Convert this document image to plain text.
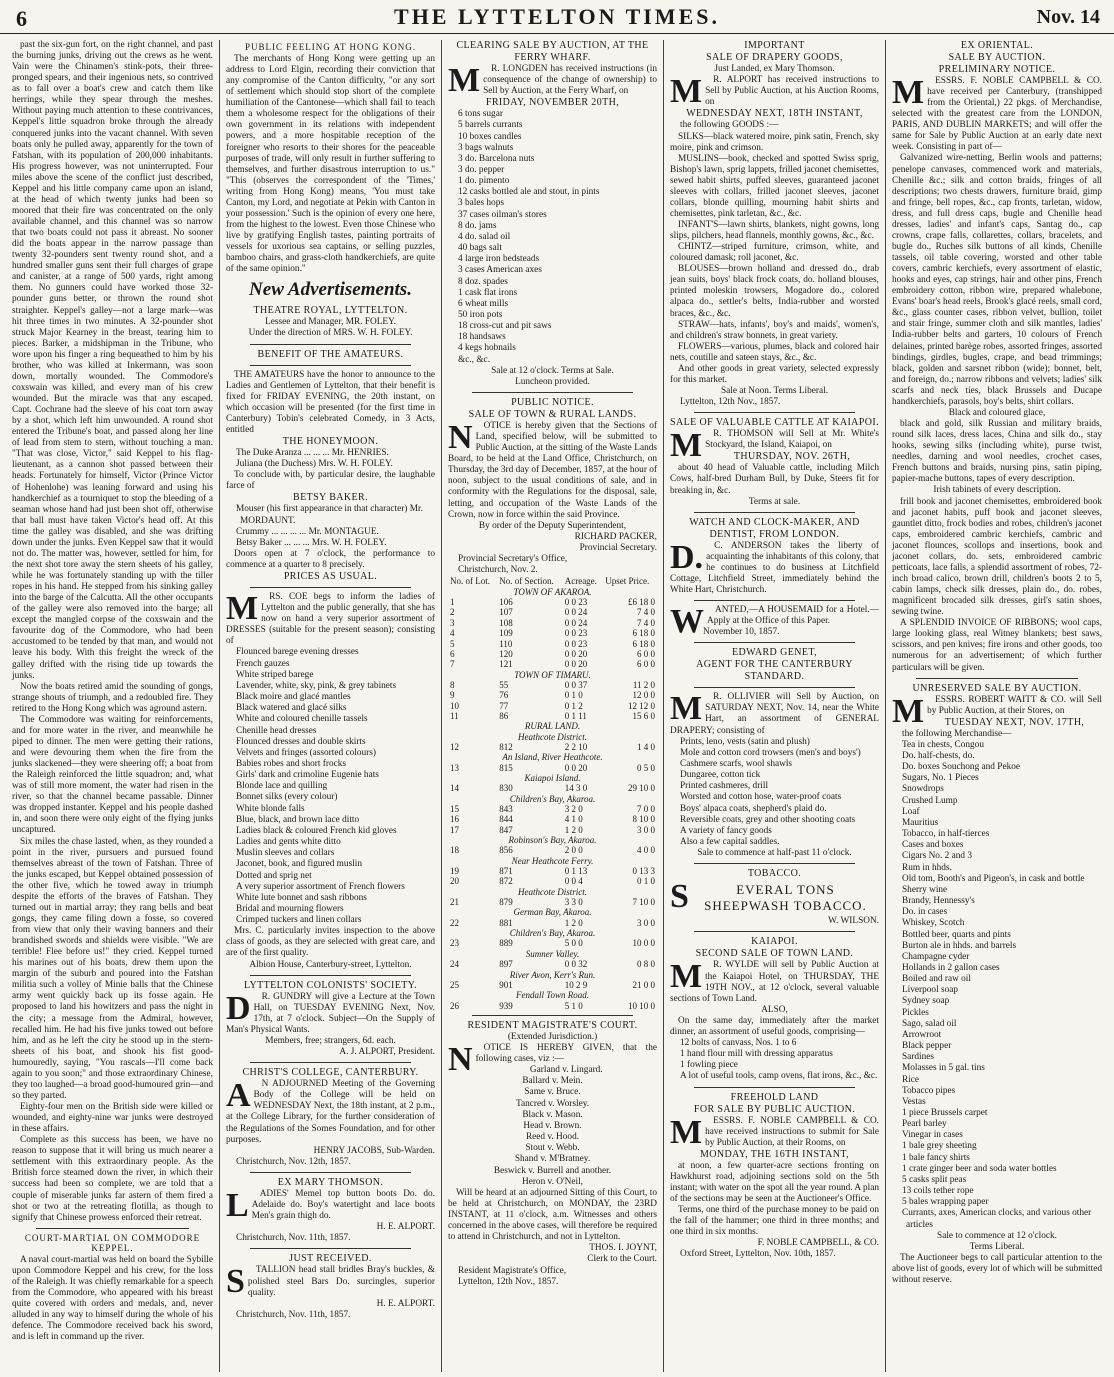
6	THE LYTTELTON TIMES.	Nov. 14

past the six-gun fort, on the right channel, and past the burning junks, driving out the crews as he went. Vain were the Chinamen's stink-pots, their three-pronged spears, and their ingenious nets, so contrived as to fall over a boat's crew and catch them like herrings, while they spear through the meshes. Without paying much attention to these contrivances, Keppel's little squadron broke through the already conquered junks into the vacant channel. With seven boats only he pulled away, apparently for the town of Fatshan, with its population of 200,000 inhabitants. His progress however, was not uninterrupted. Four miles above the scene of the conflict just described, Keppel and his little company came upon an island, at the head of which twenty junks had been so moored that their fire was concentrated on the only available channel, and this channel was so narrow that two boats could not pass it abreast. No sooner did the boats appear in the narrow passage than twenty 32-pounders sent twenty round shot, and a hundred smaller guns sent their full charges of grape and canister, at a range of 500 yards, right among them. No gunners could have worked those 32-pounder guns better, or thrown the round shot straighter. Keppel's galley—not a large mark—was hit three times in two minutes. A 32-pounder shot struck Major Kearney in the breast, tearing him to pieces. Barker, a midshipman in the Tribune, who wore upon his finger a ring bequeathed to him by his brother, who was killed at Inkermann, was soon down, mortally wounded. The Commodore's coxswain was killed, and every man of his crew wounded. But the miracle was that any escaped. Capt. Cochrane had the sleeve of his coat torn away by a shot, which left him unwounded. A round shot entered the Tribune's boat, and passed along her line of lead from stem to stern, without touching a man. "That was close, Victor," said Keppel to his flag-lieutenant, as a cannon shot passed between their heads. Fortunately for himself, Victor (Prince Victor of Hohenlohe) was leaning forward and using his handkerchief as a tourniquet to stop the bleeding of a seaman whose hand had just been shot off, otherwise that ball must have taken Victor's head off. At this time the galley was disabled, and she was drifting down under the junks. Even Keppel saw that it would not do. The matter was, however, settled for him, for the next shot tore away the stern sheets of his galley, while he was fortunately standing up with the tiller ropes in his hand. He stepped from his sinking galley into the barge of the Calcutta. All the other occupants of the galley were also removed into the barge; all except the mangled corpse of the coxswain and the favourite dog of the Commodore, who had been accustomed to be tended by that man, and would not leave his body. With this freight the wreck of the galley drifted with the rising tide up towards the junks.

Now the boats retired amid the sounding of gongs, strange shouts of triumph, and a redoubled fire. They retired to the Hong Kong which was aground astern.

The Commodore was waiting for reinforcements, and for more water in the river, and meanwhile he piped to dinner. The men were getting their rations, and were devouring them when the fire from the junks slackened—they were sheering off; a boat from the Raleigh reinforced the little squadron; and, what was of still more moment, the water had risen in the river, so that the channel became passable. Dinner was dropped instanter. Keppel and his people dashed in, and soon there were only eight of the flying junks uncaptured.

Six miles the chase lasted, when, as they rounded a point in the river, pursuers and pursued found themselves abreast of the town of Fatshan. Three of the junks escaped, but Keppel obtained possession of the other five, which he towed away in triumph despite the efforts of the braves of Fatshan. They turned out in martial array; they rang bells and beat gongs, they came filing down a fosse, so covered from view that only their waving banners and their brandished swords and shields were visible. "We are terrible! Flee before us!" they cried. Keppel turned his marines out of his boats, drew them upon the margin of the suburb and poured into the Fatshan militia such a volley of Minie balls that the Chinese army went quickly back up its fosse again. He proposed to land his howitzers and pass the night in the city; a message from the Admiral, however, recalled him. He had his five junks towed out before him, and as he left the city he stood up in the stern-sheets of his boat, and shook his fist good-humouredly, saying, "You rascals—I'll come back again to you soon;" and those extraordinary Chinese, they too laughed—a broad good-humoured grin—and so they parted.

Eighty-four men on the British side were killed or wounded, and eighty-nine war junks were destroyed in these affairs.

Complete as this success has been, we have no reason to suppose that it will bring us much nearer a settlement with this extraordinary people. As the British force steamed down the river, in which their success had been so complete, we are told that a couple of miserable junks far astern of them fired a shot or two at the retreating flotilla, as though to signify that Chinese prowess enforced their retreat.

COURT-MARTIAL ON COMMODORE KEPPEL.

A naval court-martial was held on board the Sybille upon Commodore Keppel and his crew, for the loss of the Raleigh. It was chiefly remarkable for a speech from the Commodore, who appeared with his breast quite covered with orders and medals, and, never alluded in any way to himself during the whole of his defence. The Commodore received back his sword, and is left in command up the river.

PUBLIC FEELING AT HONG KONG.

The merchants of Hong Kong were getting up an address to Lord Elgin, recording their conviction that any compromise of the Canton difficulty, "or any sort of settlement which should stop short of the complete humiliation of the Cantonese—which shall fail to teach them a wholesome respect for the obligations of their own government in its relations with independent powers, and a more hospitable reception of the foreigner who resorts to their shores for the peaceable purposes of trade, will only result in further suffering to themselves, and further disastrous interruption to us." "This (observes the correspondent of the 'Times,' writing from Hong Kong) means, 'You must take Canton, my Lord, and negotiate at Pekin with Canton in your possession.' Such is the opinion of every one here, from the highest to the lowest. Even those Chinese who live by gratifying English tastes, painting portraits of vessels for uxorious sea captains, or selling puzzles, bamboo chairs, and grass-cloth handkerchiefs, are quite of the same opinion."

New Advertisements.
THEATRE ROYAL, LYTTELTON.
Lessee and Manager, MR. FOLEY.
Under the direction of MRS. W. H. FOLEY.
BENEFIT OF THE AMATEURS.

THE AMATEURS have the honor to announce to the Ladies and Gentlemen of Lyttelton, that their benefit is fixed for FRIDAY EVENING, the 20th instant, on which occasion will be presented (for the first time in Canterbury) Tobin's celebrated Comedy, in 3 Acts, entitled

THE HONEYMOON.
The Duke Aranza ... ... ... Mr. HENRIES.
Juliana (the Duchess) Mrs. W. H. FOLEY.

To conclude with, by particular desire, the laughable farce of

BETSY BAKER.
Mouser (his first appearance in that character) Mr. MORDAUNT.
Crummy ... ... ... ... Mr. MONTAGUE.
Betsy Baker ... ... ... Mrs. W. H. FOLEY.

Doors open at 7 o'clock, the performance to commence at a quarter to 8 precisely.

PRICES AS USUAL.
M	RS. COE begs to inform the ladies of Lyttelton and the public generally, that she has now on hand a very superior assortment of DRESSES (suitable for the present season); consisting of

Flounced barege evening dresses
French gauzes
White striped barege
Lavender, white, sky, pink, & grey tabinets
Black moire and glacé mantles
Black watered and glacé silks
White and coloured chenille tassels
Chenille head dresses
Flounced dresses and double skirts
Velvets and fringes (assorted colours)
Babies robes and short frocks
Girls' dark and crimoline Eugenie hats
Blonde lace and quilling
Bonnet silks (every colour)
White blonde falls
Blue, black, and brown lace ditto
Ladies black & coloured French kid gloves
Ladies and gents white ditto
Muslin sleeves and collars
Jaconet, book, and figured muslin
Dotted and sprig net
A very superior assortment of French flowers
White lute bonnet and sash ribbons
Bridal and mourning flowers
Crimped tuckers and linen collars

Mrs. C. particularly invites inspection to the above class of goods, as they are selected with great care, and are of the first quality.

Albion House, Canterbury-street, Lyttelton.
LYTTELTON COLONISTS' SOCIETY.
D	R. GUNDRY will give a Lecture at the Town Hall, on TUESDAY EVENING Next, Nov. 17th, at 7 o'clock. Subject—On the Supply of Man's Physical Wants.

Members, free; strangers, 6d. each.
A. J. ALPORT, President.
CHRIST'S COLLEGE, CANTERBURY.
A	N ADJOURNED Meeting of the Governing Body of the College will be held on WEDNESDAY Next, the 18th instant, at 2 p.m., at the College Library, for the further consideration of the Regulations of the Somes Foundation, and for other purposes.

HENRY JACOBS, Sub-Warden.
Christchurch, Nov. 12th, 1857.
EX MARY THOMSON.
L	ADIES' Memel top button boots Do. do. Adelaide do. Boy's watertight and lace boots Men's grain thigh do.

H. E. ALPORT.
Christchurch, Nov. 11th, 1857.
JUST RECEIVED.
S	TALLION head stall bridles Bray's buckles, & polished steel Bars Do. surcingles, superior quality.

H. E. ALPORT.
Christchurch, Nov. 11th, 1857.
CLEARING SALE BY AUCTION, AT THE FERRY WHARF.
M	R. LONGDEN has received instructions (in consequence of the change of ownership) to Sell by Auction, at the Ferry Wharf, on

FRIDAY, NOVEMBER 20TH,
6 tons sugar
5 barrels currants
10 boxes candles
3 bags walnuts
3 do. Barcelona nuts
3 do. pepper
1 do. pimento
12 casks bottled ale and stout, in pints
3 bales hops
37 cases oilman's stores
8 do. jams
4 do. salad oil
40 bags salt
4 large iron bedsteads
3 cases American axes
8 doz. spades
1 cask flat irons
6 wheat mills
50 iron pots
18 cross-cut and pit saws
18 handsaws
4 kegs hobnails
&c., &c.
Sale at 12 o'clock. Terms at Sale.
Luncheon provided.
PUBLIC NOTICE.
SALE OF TOWN & RURAL LANDS.
N	OTICE is hereby given that the Sections of Land, specified below, will be submitted to Public Auction, at the sitting of the Waste Lands Board, to be held at the Land Office, Christchurch, on Thursday, the 3rd day of December, 1857, at the hour of noon, subject to the usual conditions of sale, and in conformity with the Regulations for the disposal, sale, letting, and occupation of the Waste Lands of the Crown, now in force within the said Province.

By order of the Deputy Superintendent,
RICHARD PACKER,
Provincial Secretary.
Provincial Secretary's Office,
Christchurch, Nov. 2.
No. of Lot.	No. of Section.	Acreage.	Upset Price.
TOWN OF AKAROA.			
1	106	0 0 23	£6 18 0
2	107	0 0 24	7 4 0
3	108	0 0 24	7 4 0
4	109	0 0 23	6 18 0
5	110	0 0 23	6 18 0
6	120	0 0 20	6 0 0
7	121	0 0 20	6 0 0
TOWN OF TIMARU.			
8	55	0 0 37	11 2 0
9	76	0 1 0	12 0 0
10	77	0 1 2	12 12 0
11	86	0 1 11	15 6 0
RURAL LAND.			
Heathcote District.			
12	812	2 2 10	1 4 0
An Island, River Heathcote.			
13	815	0 0 20	0 5 0
Kaiapoi Island.			
14	830	14 3 0	29 10 0
Children's Bay, Akaroa.			
15	843	3 2 0	7 0 0
16	844	4 1 0	8 10 0
17	847	1 2 0	3 0 0
Robinson's Bay, Akaroa.			
18	856	2 0 0	4 0 0
Near Heathcote Ferry.			
19	871	0 1 13	0 13 3
20	872	0 0 4	0 1 0
Heathcote District.			
21	879	3 3 0	7 10 0
German Bay, Akaroa.			
22	881	1 2 0	3 0 0
Children's Bay, Akaroa.			
23	889	5 0 0	10 0 0
Sumner Valley.			
24	897	0 0 32	0 8 0
River Avon, Kerr's Run.			
25	901	10 2 9	21 0 0
Fendall Town Road.			
26	939	5 1 0	10 10 0
RESIDENT MAGISTRATE'S COURT.
(Extended Jurisdiction.)
N	OTICE IS HEREBY GIVEN, that the following cases, viz :—

Garland v. Lingard.
Ballard v. Mein.
Same v. Bruce.
Tancred v. Worsley.
Black v. Mason.
Head v. Brown.
Reed v. Hood.
Stout v. Webb.
Shand v. M'Bratney.
Beswick v. Burrell and another.
Heron v. O'Neil,

Will be heard at an adjourned Sitting of this Court, to be held at Christchurch, on MONDAY, the 23RD INSTANT, at 11 o'clock, a.m. Witnesses and others concerned in the above cases, will therefore be required to attend in Christchurch, and not in Lyttelton.

THOS. I. JOYNT,
Clerk to the Court.
Resident Magistrate's Office,
Lyttelton, 12th Nov., 1857.
IMPORTANT
SALE OF DRAPERY GOODS,
Just Landed, ex Mary Thomson.
M	R. ALPORT has received instructions to Sell by Public Auction, at his Auction Rooms, on

WEDNESDAY NEXT, 18TH INSTANT,
the following GOODS :—

SILKS—black watered moire, pink satin, French, sky moire, pink and crimson.

MUSLINS—book, checked and spotted Swiss sprig, Bishop's lawn, sprig lappets, frilled jaconet chemisettes, sewed habit shirts, puffed sleeves, guaranteed jaconet sleeves with collars, frilled jaconet sleeves, jaconet collars, blonde quilling, mourning habit shirts and chemisettes, pink tarletan, &c., &c.

INFANT'S—lawn shirts, blankets, night gowns, long slips, pilchers, head flannels, monthly gowns, &c., &c.

CHINTZ—striped furniture, crimson, white, and coloured damask; roll jaconet, &c.

BLOUSES—brown holland and dressed do., drab jean suits, boys' black frock coats, do. holland blouses, printed moleskin trowsers, Mogadore do., colored alpaca do., settler's belts, India-rubber and worsted braces, &c., &c.

STRAW—hats, infants', boy's and maids', women's, and children's straw bonnets, in great variety.

FLOWERS—various, plumes, black and colored hair nets, coutille and sateen stays, &c., &c.

And other goods in great variety, selected expressly for this market.

Sale at Noon. Terms Liberal.
Lyttelton, 12th Nov., 1857.
SALE OF VALUABLE CATTLE AT KAIAPOI.
M	R. THOMSON will Sell at Mr. White's Stockyard, the Island, Kaiapoi, on

THURSDAY, NOV. 26TH,

about 40 head of Valuable cattle, including Milch Cows, half-bred Durham Bull, by Duke, Steers fit for breaking in, &c.

Terms at sale.
WATCH AND CLOCK-MAKER, AND DENTIST, FROM LONDON.
D.	C. ANDERSON takes the liberty of acquainting the inhabitants of this colony, that he continues to do business at Litchfield Cottage, Litchfield Street, immediately behind the White Hart, Christchurch.

W	ANTED,—A HOUSEMAID for a Hotel.—Apply at the Office of this Paper.

November 10, 1857.
EDWARD GENET,
AGENT FOR THE CANTERBURY STANDARD.
M	R. OLLIVIER will Sell by Auction, on SATURDAY NEXT, Nov. 14, near the White Hart, an assortment of GENERAL DRAPERY; consisting of

Prints, leno, vests (satin and plush)
Mole and cotton cord trowsers (men's and boys')
Cashmere scarfs, wool shawls
Dungaree, cotton tick
Printed cashmeres, drill
Worsted and cotton hose, water-proof coats
Boys' alpaca coats, shepherd's plaid do.
Reversible coats, grey and other shooting coats
A variety of fancy goods
Also a few capital saddles.
Sale to commence at half-past 11 o'clock.
TOBACCO.
S	EVERAL TONS SHEEPWASH TOBACCO.
W. WILSON.
KAIAPOI.
SECOND SALE OF TOWN LAND.
M	R. WYLDE will sell by Public Auction at the Kaiapoi Hotel, on THURSDAY, THE 19TH NOV., at 12 o'clock, several valuable sections of Town Land.

ALSO,

On the same day, immediately after the market dinner, an assortment of useful goods, comprising—

12 bolts of canvass, Nos. 1 to 6
1 hand flour mill with dressing apparatus
1 fowling piece
A lot of useful tools, camp ovens, flat irons, &c., &c.
FREEHOLD LAND
FOR SALE BY PUBLIC AUCTION.
M	ESSRS. F. NOBLE CAMPBELL & CO. have received instructions to submit for Sale by Public Auction, at their Rooms, on

MONDAY, THE 16TH INSTANT,

at noon, a few quarter-acre sections fronting on Hawkhurst road, adjoining sections sold on the 5th instant; with water on the spot all the year round. A plan of the sections may be seen at the Auctioneer's Office.

Terms, one third of the purchase money to be paid on the fall of the hammer; one third in three months; and one third in six months.

F. NOBLE CAMPBELL, & CO.
Oxford Street, Lyttelton, Nov. 10th, 1857.
EX ORIENTAL.
SALE BY AUCTION.
PRELIMINARY NOTICE.
M	ESSRS. F. NOBLE CAMPBELL & CO. have received per Canterbury, (transhipped from the Oriental,) 22 pkgs. of Merchandise, selected with the greatest care from the LONDON, PARIS, AND DUBLIN MARKETS; and will offer the same for Sale by Public Auction at an early date next week. Consisting in part of—

Galvanized wire-netting, Berlin wools and patterns; penelope canvases, commenced work and materials, Chenille &c.; silk and cotton braids, fringes of all descriptions; two chests drawers, furniture braid, gimp and fringe, bell ropes, &c., cap fronts, tarletan, widow, dress, and full dress caps, bugle and Chenille head dresses, ladies' and infant's caps, Santag do., cap crowns, crape falls, collarettes, collars, bracelets, and bugle do., Ruches silk buttons of all kinds, Chenille tassels, oil table covering, worsted and other table covers, cambric kerchiefs, every assortment of elastic, hooks and eyes, cap strings, hair and other pins, French embroidery cotton, ribbon wire, prepared whalebone, Evans' boar's head reels, Brook's glacé reels, small cord, &c., glass counter cases, ribbon velvet, bullion, toilet and stair fringe, summer cloth and silk mantles, ladies' India-rubber belts and garters, 10 colours of French delaines, printed barège robes, assorted fringes, assorted bindings, girdles, bugles, crape, and bead trimmings; black, golden and sarsnet ribbon (wide); bonnet, belt, and foreign, do.; narrow ribbons and velvets; ladies' silk scarfs and neck ties, black Brussels and Ducape handkerchiefs, parasols, boy's belts, shirt collars.

Black and coloured glace,

black and gold, silk Russian and military braids, round silk laces, dress laces, China and silk do., stay hooks, sewing silks (including white), purse twist, needles, darning and wool needles, crochet cases, French buttons and braids, nursing pins, satin piping, papier-mache buttons, tapes of every description.

Irish tabinets of every description.

frill book and jaconet chemisettes, embroidered book and jaconet habits, puff book and jaconet sleeves, gauntlet ditto, frock bodies and robes, children's jaconet caps, embroidered cambric kerchiefs, cambric and jaconet flounces, scollops and insertions, book and jaconet collars, do. sets, embroidered cambric petticoats, lace falls, a splendid assortment of robes, 72-inch broad calico, brown drill, children's boots 2 to 5, cabin lamps, check silk dresses, plain do., do. robes, magnificent brocaded silk dresses, girl's satin shoes, sewing twine.

A SPLENDID INVOICE OF RIBBONS; wool caps, large looking glass, real Witney blankets; best saws, scissors, and pen knives; fire irons and other goods, too numerous for an advertisement; of which further particulars will be given.

UNRESERVED SALE BY AUCTION.
M	ESSRS. ROBERT WAITT & CO. will Sell by Public Auction, at their Stores, on

TUESDAY NEXT, NOV. 17TH,
the following Merchandise—
Tea in chests, Congou
Do. half-chests, do.
Do. boxes Souchong and Pekoe
Sugars, No. 1 Pieces
Snowdrops
Crushed Lump
Loaf
Mauritius
Tobacco, in half-tierces
Cases and boxes
Cigars No. 2 and 3
Rum in hhds.
Old tom, Booth's and Pigeon's, in cask and bottle
Sherry wine
Brandy, Hennessy's
Do. in cases
Whiskey, Scotch
Bottled beer, quarts and pints
Burton ale in hhds. and barrels
Champagne cyder
Hollands in 2 gallon cases
Boiled and raw oil
Liverpool soap
Sydney soap
Pickles
Sago, salad oil
Arrowroot
Black pepper
Sardines
Molasses in 5 gal. tins
Rice
Tobacco pipes
Vestas
1 piece Brussels carpet
Pearl barley
Vinegar in cases
1 bale grey sheeting
1 bale fancy shirts
1 crate ginger beer and soda water bottles
5 casks split peas
13 coils tether rope
5 bales wrapping paper
Currants, axes, American clocks, and various other articles
Sale to commence at 12 o'clock.
Terms Liberal.

The Auctioneer begs to call particular attention to the above list of goods, every lot of which will be submitted without reserve.
